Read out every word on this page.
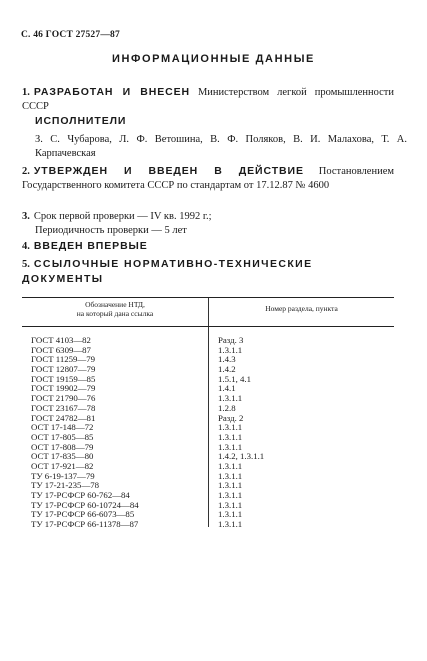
С. 46 ГОСТ 27527—87
ИНФОРМАЦИОННЫЕ ДАННЫЕ
1. РАЗРАБОТАН И ВНЕСЕН Министерством легкой промышленности СССР
ИСПОЛНИТЕЛИ
З. С. Чубарова, Л. Ф. Ветошина, В. Ф. Поляков, В. И. Малахова, Т. А. Карпачевская
2. УТВЕРЖДЕН И ВВЕДЕН В ДЕЙСТВИЕ Постановлением Государственного комитета СССР по стандартам от 17.12.87 № 4600
3. Срок первой проверки — IV кв. 1992 г.;
Периодичность проверки — 5 лет
4. ВВЕДЕН ВПЕРВЫЕ
5. ССЫЛОЧНЫЕ НОРМАТИВНО-ТЕХНИЧЕСКИЕ ДОКУМЕНТЫ
Обозначение НТД,
на который дана ссылка
Номер раздела, пункта
ГОСТ 4103—82	Разд. 3
ГОСТ 6309—87	1.3.1.1
ГОСТ 11259—79	1.4.3
ГОСТ 12807—79	1.4.2
ГОСТ 19159—85	1.5.1, 4.1
ГОСТ 19902—79	1.4.1
ГОСТ 21790—76	1.3.1.1
ГОСТ 23167—78	1.2.8
ГОСТ 24782—81	Разд. 2
ОСТ 17-148—72	1.3.1.1
ОСТ 17-805—85	1.3.1.1
ОСТ 17-808—79	1.3.1.1
ОСТ 17-835—80	1.4.2, 1.3.1.1
ОСТ 17-921—82	1.3.1.1
ТУ 6-19-137—79	1.3.1.1
ТУ 17-21-235—78	1.3.1.1
ТУ 17-РСФСР 60-762—84	1.3.1.1
ТУ 17-РСФСР 60-10724—84	1.3.1.1
ТУ 17-РСФСР 66-6073—85	1.3.1.1
ТУ 17-РСФСР 66-11378—87	1.3.1.1
